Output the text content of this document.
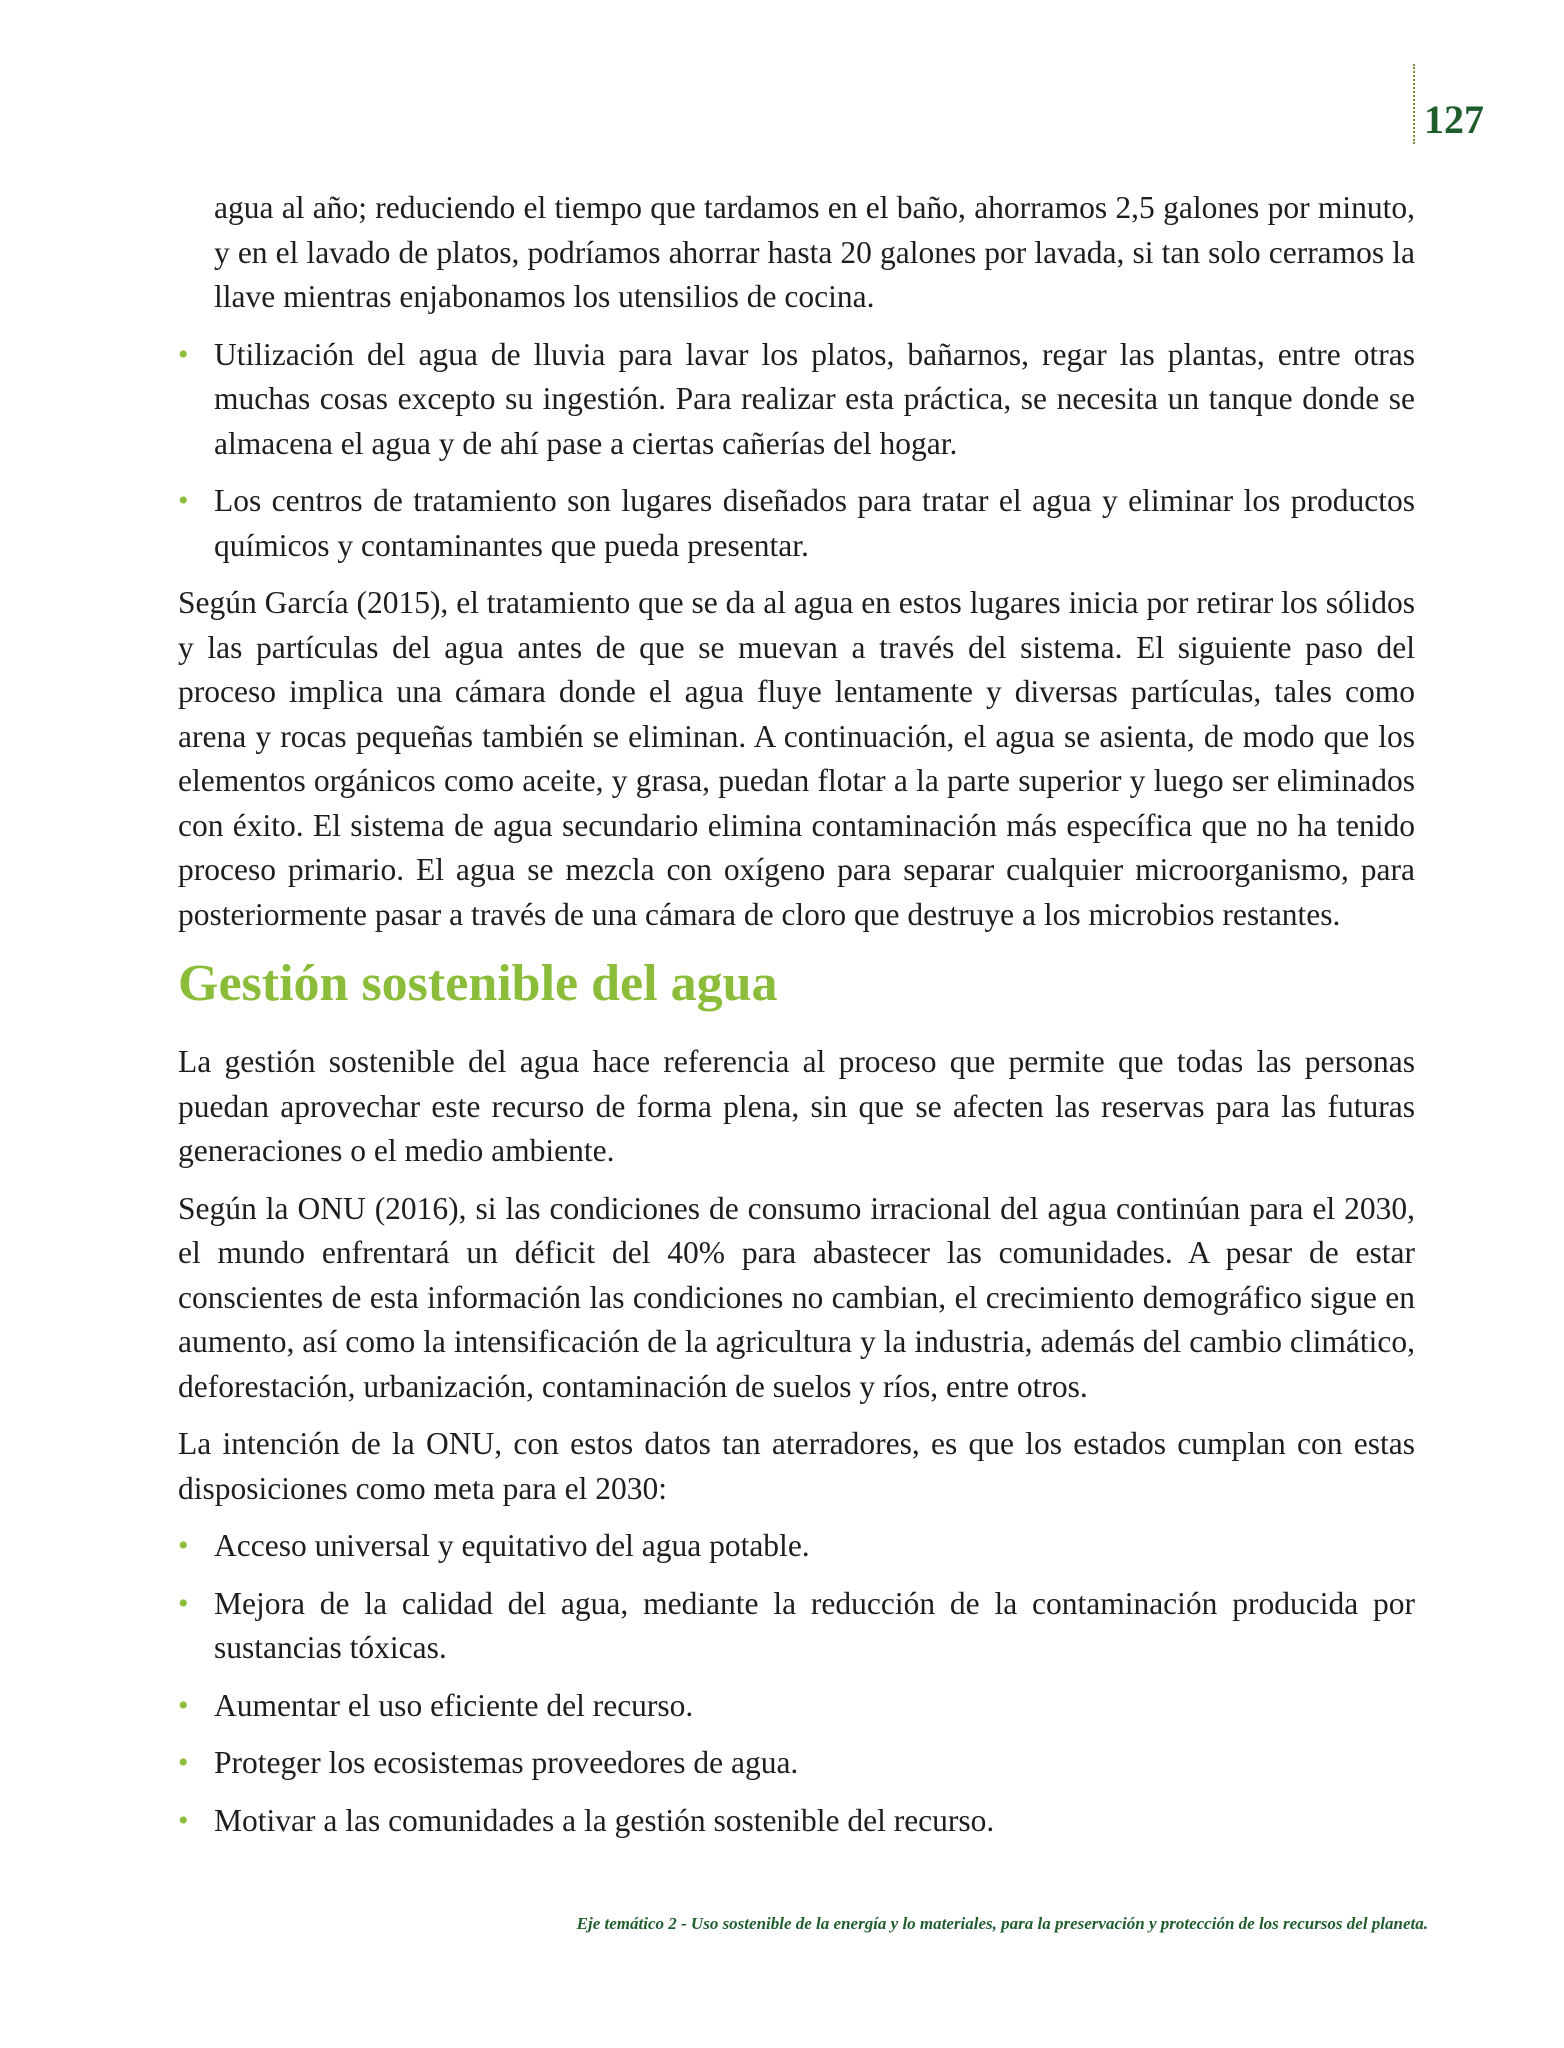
127

agua al año; reduciendo el tiempo que tardamos en el baño, ahorramos 2,5 galones por minuto, y en el lavado de platos, podríamos ahorrar hasta 20 galones por lavada, si tan solo cerramos la llave mientras enjabonamos los utensilios de cocina.

• Utilización del agua de lluvia para lavar los platos, bañarnos, regar las plantas, entre otras muchas cosas excepto su ingestión. Para realizar esta práctica, se necesita un tanque donde se almacena el agua y de ahí pase a ciertas cañerías del hogar.
• Los centros de tratamiento son lugares diseñados para tratar el agua y eliminar los productos químicos y contaminantes que pueda presentar.

Según García (2015), el tratamiento que se da al agua en estos lugares inicia por retirar los sólidos y las partículas del agua antes de que se muevan a través del sistema. El siguiente paso del proceso implica una cámara donde el agua fluye lentamente y diversas partículas, tales como arena y rocas pequeñas también se eliminan. A continuación, el agua se asienta, de modo que los elementos orgánicos como aceite, y grasa, puedan flotar a la parte superior y luego ser eliminados con éxito. El sistema de agua secundario elimina contaminación más específica que no ha tenido proceso primario. El agua se mezcla con oxígeno para separar cualquier microorganismo, para posteriormente pasar a través de una cámara de cloro que destruye a los microbios restantes.

Gestión sostenible del agua

La gestión sostenible del agua hace referencia al proceso que permite que todas las personas puedan aprovechar este recurso de forma plena, sin que se afecten las reservas para las futuras generaciones o el medio ambiente.

Según la ONU (2016), si las condiciones de consumo irracional del agua continúan para el 2030, el mundo enfrentará un déficit del 40% para abastecer las comunidades. A pesar de estar conscientes de esta información las condiciones no cambian, el crecimiento demográfico sigue en aumento, así como la intensificación de la agricultura y la industria, además del cambio climático, deforestación, urbanización, contaminación de suelos y ríos, entre otros.

La intención de la ONU, con estos datos tan aterradores, es que los estados cumplan con estas disposiciones como meta para el 2030:

• Acceso universal y equitativo del agua potable.
• Mejora de la calidad del agua, mediante la reducción de la contaminación producida por sustancias tóxicas.
• Aumentar el uso eficiente del recurso.
• Proteger los ecosistemas proveedores de agua.
• Motivar a las comunidades a la gestión sostenible del recurso.
Eje temático 2 - Uso sostenible de la energía y lo materiales, para la preservación y protección de los recursos del planeta.
